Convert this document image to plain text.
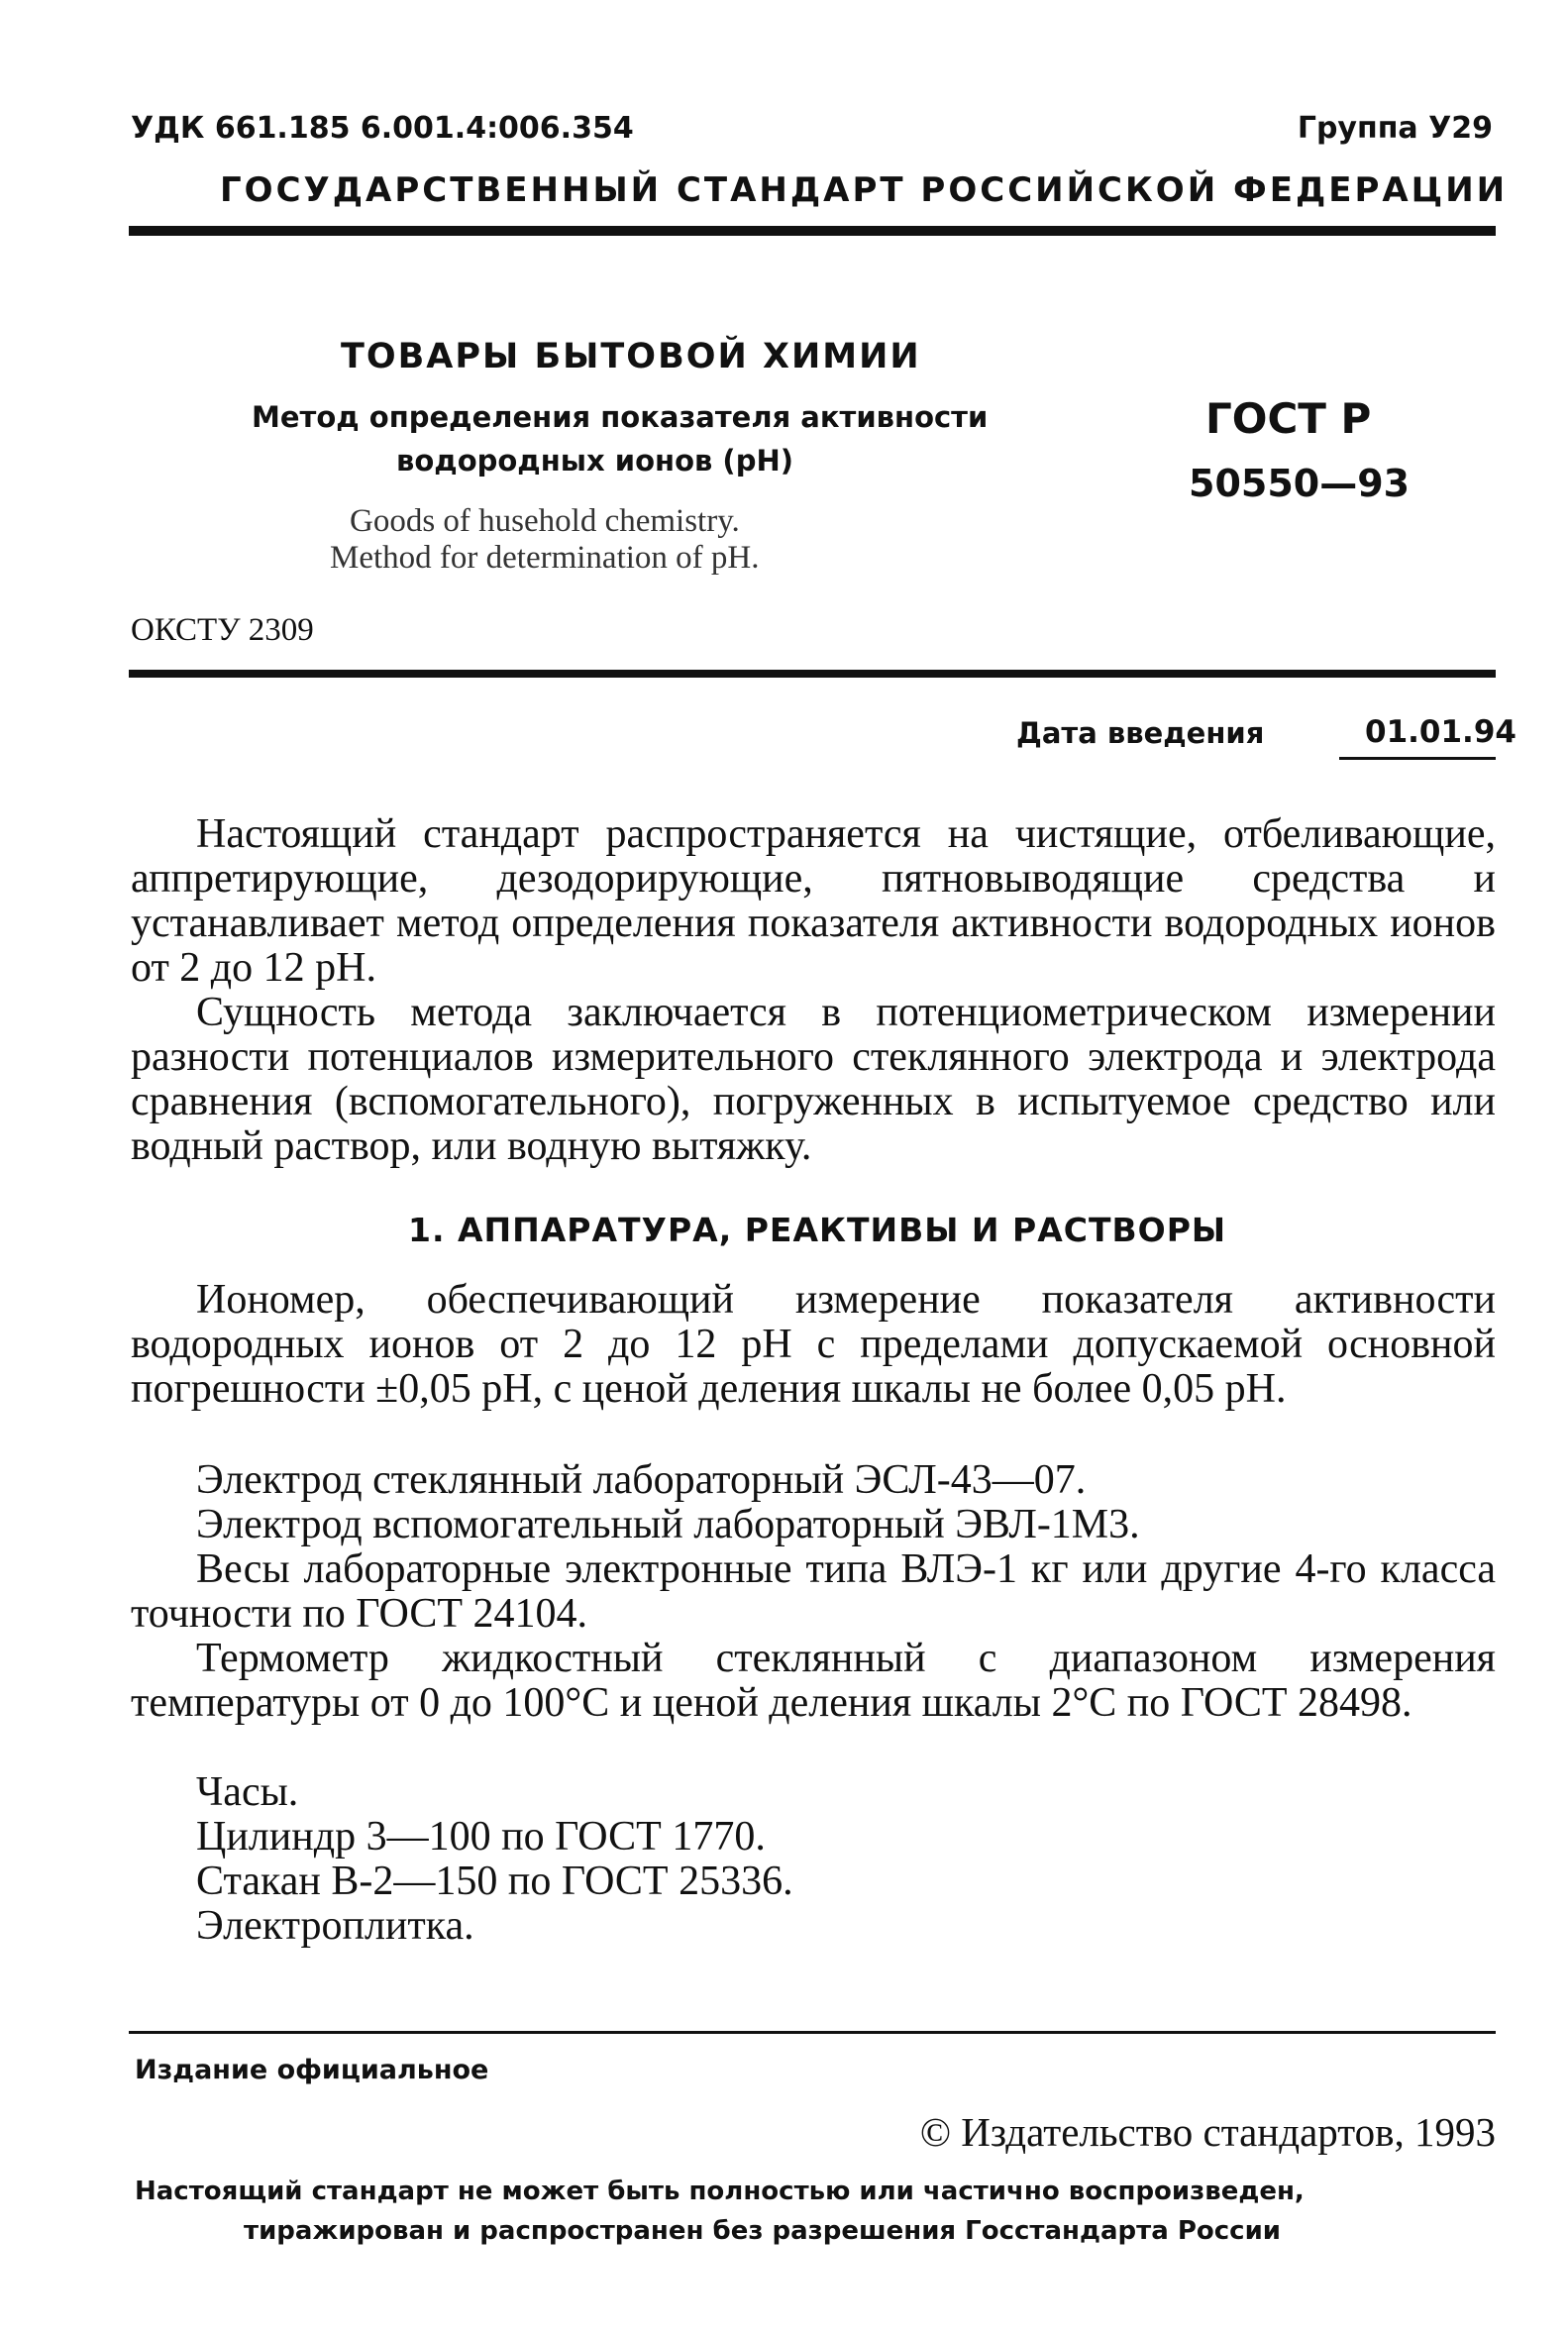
УДК 661.185 6.001.4:006.354	Группа У29
ГОСУДАРСТВЕННЫЙ СТАНДАРТ РОССИЙСКОЙ ФЕДЕРАЦИИ
ТОВАРЫ БЫТОВОЙ ХИМИИ
Метод определения показателя активности
водородных ионов (pH)
Goods of husehold chemistry.
Method for determination of pH.
ГОСТ Р
50550—93
ОКСТУ 2309
Дата введения	01.01.94
Настоящий стандарт распространяется на чистящие, отбеливающие, аппретирующие, дезодорирующие, пятновыводящие средства и устанавливает метод определения показателя активности водородных ионов от 2 до 12 pH.
Сущность метода заключается в потенциометрическом измерении разности потенциалов измерительного стеклянного электрода и электрода сравнения (вспомогательного), погруженных в испытуемое средство или водный раствор, или водную вытяжку.
1. АППАРАТУРА, РЕАКТИВЫ И РАСТВОРЫ
Иономер, обеспечивающий измерение показателя активности водородных ионов от 2 до 12 pH с пределами допускаемой основной погрешности ±0,05 pH, с ценой деления шкалы не более 0,05 pH.
Электрод стеклянный лабораторный ЭСЛ-43—07.
Электрод вспомогательный лабораторный ЭВЛ-1М3.
Весы лабораторные электронные типа ВЛЭ-1 кг или другие 4-го класса точности по ГОСТ 24104.
Термометр жидкостный стеклянный с диапазоном измерения температуры от 0 до 100°С и ценой деления шкалы 2°С по ГОСТ 28498.
Часы.
Цилиндр 3—100 по ГОСТ 1770.
Стакан В-2—150 по ГОСТ 25336.
Электроплитка.
Издание официальное
© Издательство стандартов, 1993
Настоящий стандарт не может быть полностью или частично воспроизведен,
тиражирован и распространен без разрешения Госстандарта России
